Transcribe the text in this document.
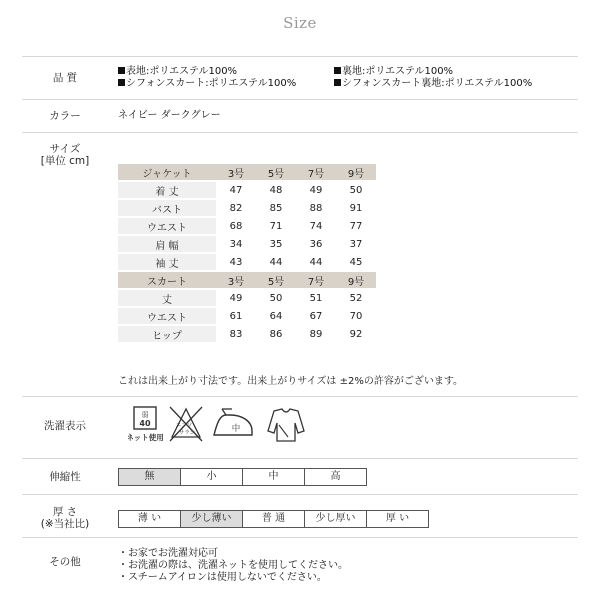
Size
品 質
表地:ポリエステル100%
シフォンスカート:ポリエステル100%
裏地:ポリエステル100%
シフォンスカート裏地:ポリエステル100%
カラー	ネイビー ダークグレー
サイズ
[単位 cm]
ジャケット	3号	5号	7号	9号
着 丈	47	48	49	50
バスト	82	85	88	91
ウエスト	68	71	74	77
肩 幅	34	35	36	37
袖 丈	43	44	44	45
スカート	3号	5号	7号	9号
丈	49	50	51	52
ウエスト	61	64	67	70
ヒップ	83	86	89	92
これは出来上がり寸法です。出来上がりサイズは ±2%の許容がございます。
洗濯表示
弱
40
ネット使用
エンソ
サラシ	中
伸縮性	無	小	中	高
厚 さ
(※当社比)	薄 い	少し薄い	普 通	少し厚い	厚 い
その他
・お家でお洗濯対応可
・お洗濯の際は、洗濯ネットを使用してください。
・スチームアイロンは使用しないでください。
